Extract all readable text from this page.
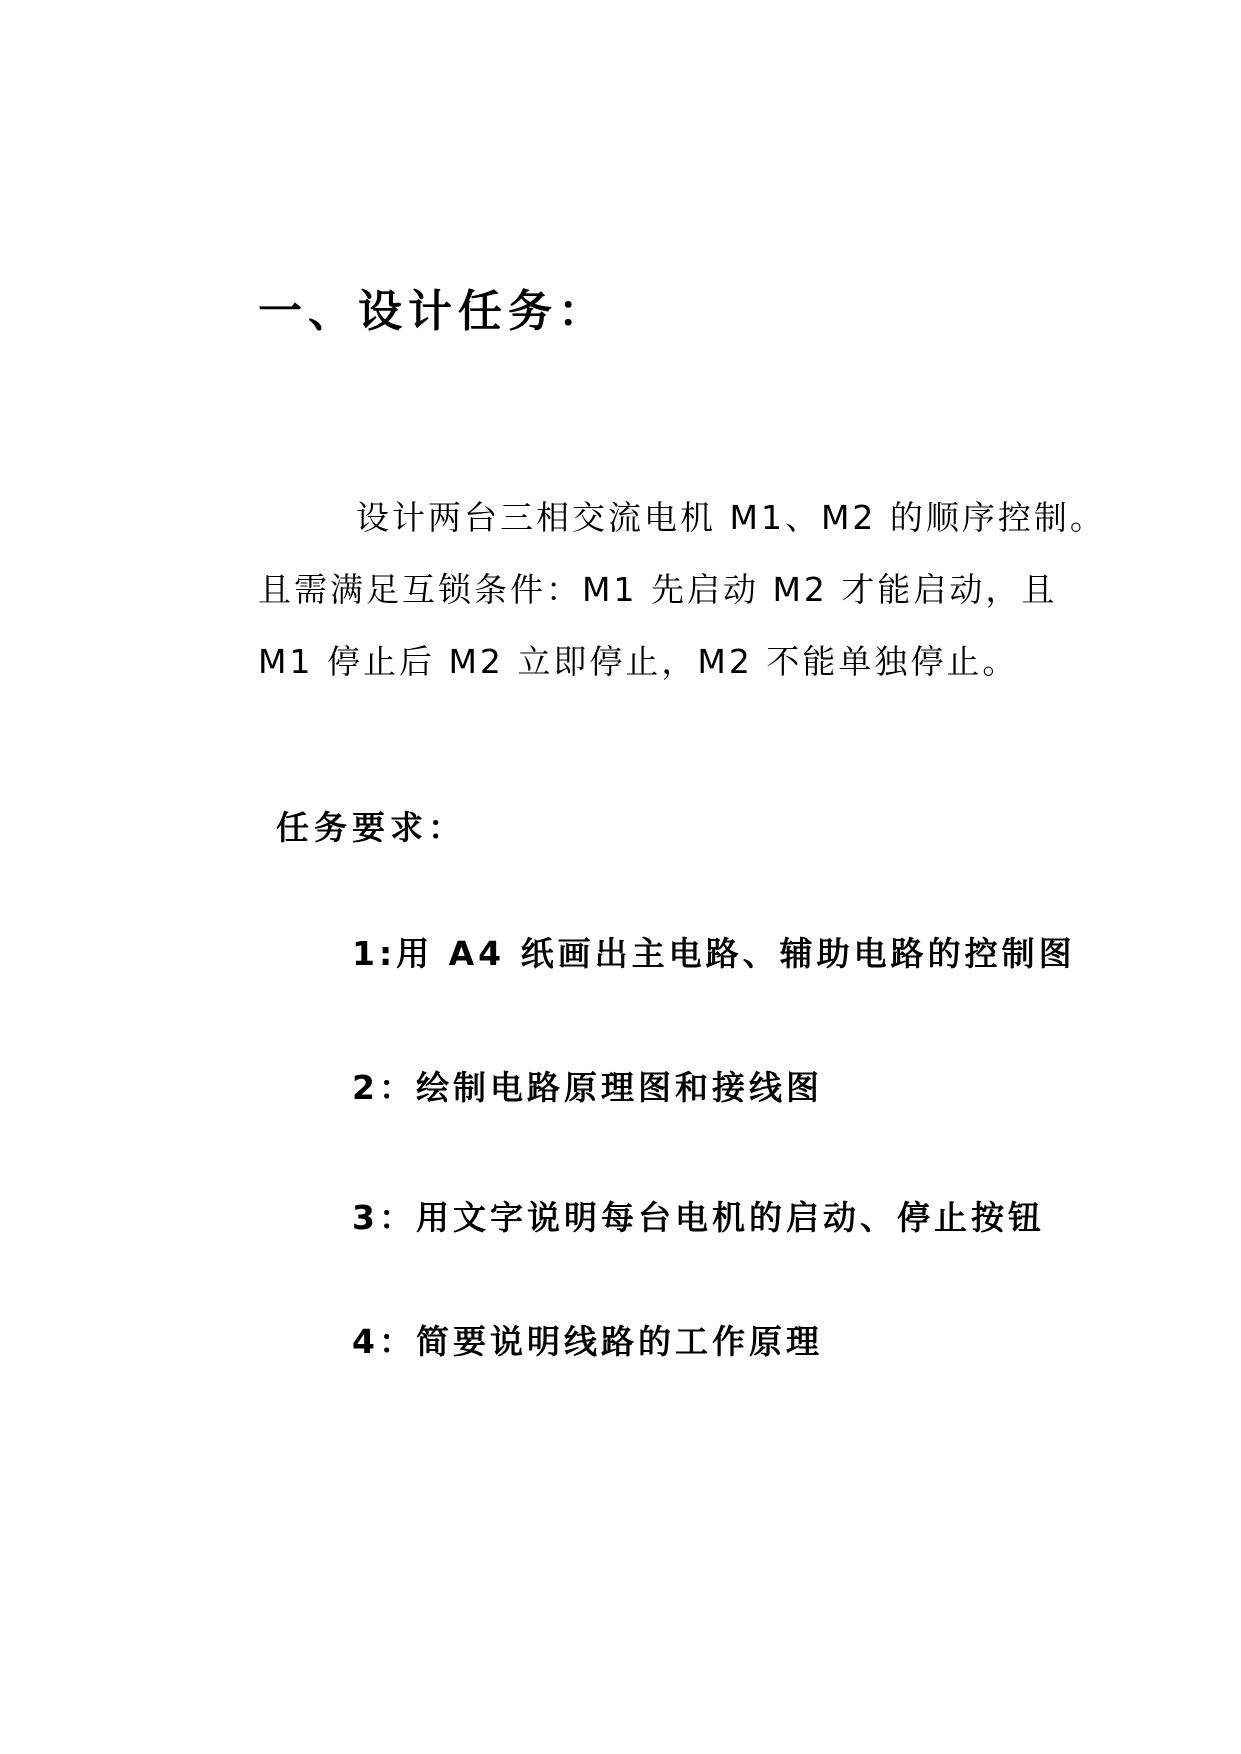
一、设计任务：
设计两台三相交流电机 M1、M2 的顺序控制。
且需满足互锁条件：M1 先启动 M2 才能启动，且
M1 停止后 M2 立即停止，M2 不能单独停止。
任务要求：
1:用 A4 纸画出主电路、辅助电路的控制图
2：绘制电路原理图和接线图
3：用文字说明每台电机的启动、停止按钮
4：简要说明线路的工作原理
